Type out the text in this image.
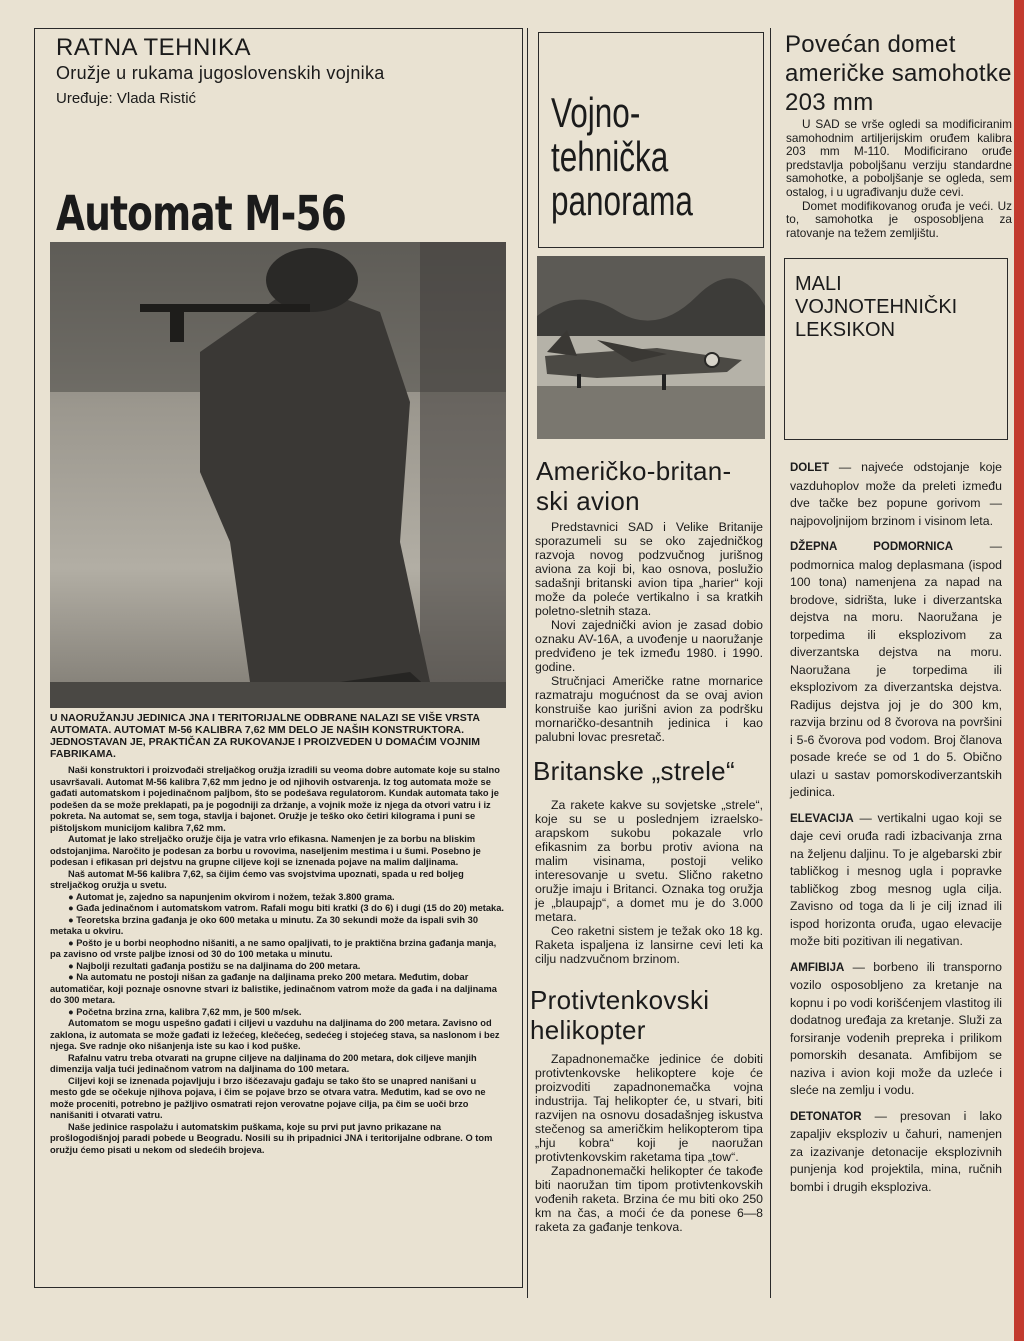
RATNA TEHNIKA
Oružje u rukama jugoslovenskih vojnika
Uređuje: Vlada Ristić
Automat M-56
U NAORUŽANJU JEDINICA JNA I TERITORIJALNE ODBRANE NALAZI SE VIŠE VRSTA AUTOMATA. AUTOMAT M-56 KALIBRA 7,62 MM DELO JE NAŠIH KONSTRUKTORA. JEDNOSTAVAN JE, PRAKTIČAN ZA RUKOVANJE I PROIZVEDEN U DOMAĆIM VOJNIM FABRIKAMA.

Naši konstruktori i proizvođači streljačkog oružja izradili su veoma dobre automate koje su stalno usavršavali. Automat M-56 kalibra 7,62 mm jedno je od njihovih ostvarenja. Iz tog automata može se gađati automatskom i pojedinačnom paljbom, što se podešava regulatorom. Kundak automata tako je podešen da se može preklapati, pa je pogodniji za držanje, a vojnik može iz njega da otvori vatru i iz pokreta. Na automat se, sem toga, stavlja i bajonet. Oružje je teško oko četiri kilograma i puni se pištoljskom municijom kalibra 7,62 mm.

Automat je lako streljačko oružje čija je vatra vrlo efikasna. Namenjen je za borbu na bliskim odstojanjima. Naročito je podesan za borbu u rovovima, naseljenim mestima i u šumi. Posebno je podesan i efikasan pri dejstvu na grupne ciljeve koji se iznenada pojave na malim daljinama.

Naš automat M-56 kalibra 7,62, sa čijim ćemo vas svojstvima upoznati, spada u red boljeg streljačkog oružja u svetu.

● Automat je, zajedno sa napunjenim okvirom i nožem, težak 3.800 grama.

● Gađa jedinačnom i automatskom vatrom. Rafali mogu biti kratki (3 do 6) i dugi (15 do 20) metaka.

● Teoretska brzina gađanja je oko 600 metaka u minutu. Za 30 sekundi može da ispali svih 30 metaka u okviru.

● Pošto je u borbi neophodno nišaniti, a ne samo opaljivati, to je praktična brzina gađanja manja, pa zavisno od vrste paljbe iznosi od 30 do 100 metaka u minutu.

● Najbolji rezultati gađanja postižu se na daljinama do 200 metara.

● Na automatu ne postoji nišan za gađanje na daljinama preko 200 metara. Međutim, dobar automatičar, koji poznaje osnovne stvari iz balistike, jedinačnom vatrom može da gađa i na daljinama do 300 metara.

● Početna brzina zrna, kalibra 7,62 mm, je 500 m/sek.

Automatom se mogu uspešno gađati i ciljevi u vazduhu na daljinama do 200 metara. Zavisno od zaklona, iz automata se može gađati iz ležećeg, klečećeg, sedećeg i stojećeg stava, sa naslonom i bez njega. Sve radnje oko nišanjenja iste su kao i kod puške.

Rafalnu vatru treba otvarati na grupne ciljeve na daljinama do 200 metara, dok ciljeve manjih dimenzija valja tući jedinačnom vatrom na daljinama do 100 metara.

Ciljevi koji se iznenada pojavljuju i brzo iščezavaju gađaju se tako što se unapred nanišani u mesto gde se očekuje njihova pojava, i čim se pojave brzo se otvara vatra. Međutim, kad se ovo ne može proceniti, potrebno je pažljivo osmatrati rejon verovatne pojave cilja, pa čim se uoči brzo nanišaniti i otvarati vatru.

Naše jedinice raspolažu i automatskim puškama, koje su prvi put javno prikazane na prošlogodišnjoj paradi pobede u Beogradu. Nosili su ih pripadnici JNA i teritorijalne odbrane. O tom oružju ćemo pisati u nekom od sledećih brojeva.

Vojno-
tehnička
panorama
Američko-britan-
ski avion

Predstavnici SAD i Velike Britanije sporazumeli su se oko zajedničkog razvoja novog podzvučnog jurišnog aviona za koji bi, kao osnova, poslužio sadašnji britanski avion tipa „harier“ koji može da poleće vertikalno i sa kratkih poletno-sletnih staza.

Novi zajednički avion je zasad dobio oznaku AV-16A, a uvođenje u naoružanje predviđeno je tek između 1980. i 1990. godine.

Stručnjaci Američke ratne mornarice razmatraju mogućnost da se ovaj avion konstruiše kao jurišni avion za podršku mornaričko-desantnih jedinica i kao palubni lovac presretač.

Britanske „strele“

Za rakete kakve su sovjetske „strele“, koje su se u poslednjem izraelsko-arapskom sukobu pokazale vrlo efikasnim za borbu protiv aviona na malim visinama, postoji veliko interesovanje u svetu. Slično raketno oružje imaju i Britanci. Oznaka tog oružja je „blaupajp“, a domet mu je do 3.000 metara.

Ceo raketni sistem je težak oko 18 kg. Raketa ispaljena iz lansirne cevi leti ka cilju nadzvučnom brzinom.

Protivtenkovski
helikopter

Zapadnonemačke jedinice će dobiti protivtenkovske helikoptere koje će proizvoditi zapadnonemačka vojna industrija. Taj helikopter će, u stvari, biti razvijen na osnovu dosadašnjeg iskustva stečenog sa američkim helikopterom tipa „hju kobra“ koji je naoružan protivtenkovskim raketama tipa „tow“.

Zapadnonemački helikopter će takođe biti naoružan tim tipom protivtenkovskih vođenih raketa. Brzina će mu biti oko 250 km na čas, a moći će da ponese 6—8 raketa za gađanje tenkova.

Povećan domet američke samohotke 203 mm

U SAD se vrše ogledi sa modificiranim samohodnim artiljerijskim oruđem kalibra 203 mm M-110. Modificirano oruđe predstavlja poboljšanu verziju standardne samohotke, a poboljšanje se ogleda, sem ostalog, i u ugrađivanju duže cevi.

Domet modifikovanog oruđa je veći. Uz to, samohotka je osposobljena za ratovanje na težem zemljištu.

MALI
VOJNOTEHNIČKI
LEKSIKON

DOLET — najveće odstojanje koje vazduhoplov može da preleti između dve tačke bez popune gorivom — najpovoljnijom brzinom i visinom leta.

DŽEPNA PODMORNICA — podmornica malog deplasmana (ispod 100 tona) namenjena za napad na brodove, sidrišta, luke i diverzantska dejstva na moru. Naoružana je torpedima ili eksplozivom za diverzantska dejstva na moru. Naoružana je torpedima ili eksplozivom za diverzantska dejstva. Radijus dejstva joj je do 300 km, razvija brzinu od 8 čvorova na površini i 5-6 čvorova pod vodom. Broj članova posade kreće se od 1 do 5. Obično ulazi u sastav pomorskodiverzantskih jedinica.

ELEVACIJA — vertikalni ugao koji se daje cevi oruđa radi izbacivanja zrna na željenu daljinu. To je algebarski zbir tabličkog i mesnog ugla i popravke tabličkog zbog mesnog ugla cilja. Zavisno od toga da li je cilj iznad ili ispod horizonta oruđa, ugao elevacije može biti pozitivan ili negativan.

AMFIBIJA — borbeno ili transporno vozilo osposobljeno za kretanje na kopnu i po vodi korišćenjem vlastitog ili dodatnog uređaja za kretanje. Služi za forsiranje vodenih prepreka i prilikom pomorskih desanata. Amfibijom se naziva i avion koji može da uzleće i sleće na zemlju i vodu.

DETONATOR — presovan i lako zapaljiv eksploziv u čahuri, namenjen za izazivanje detonacije eksplozivnih punjenja kod projektila, mina, ručnih bombi i drugih eksploziva.
